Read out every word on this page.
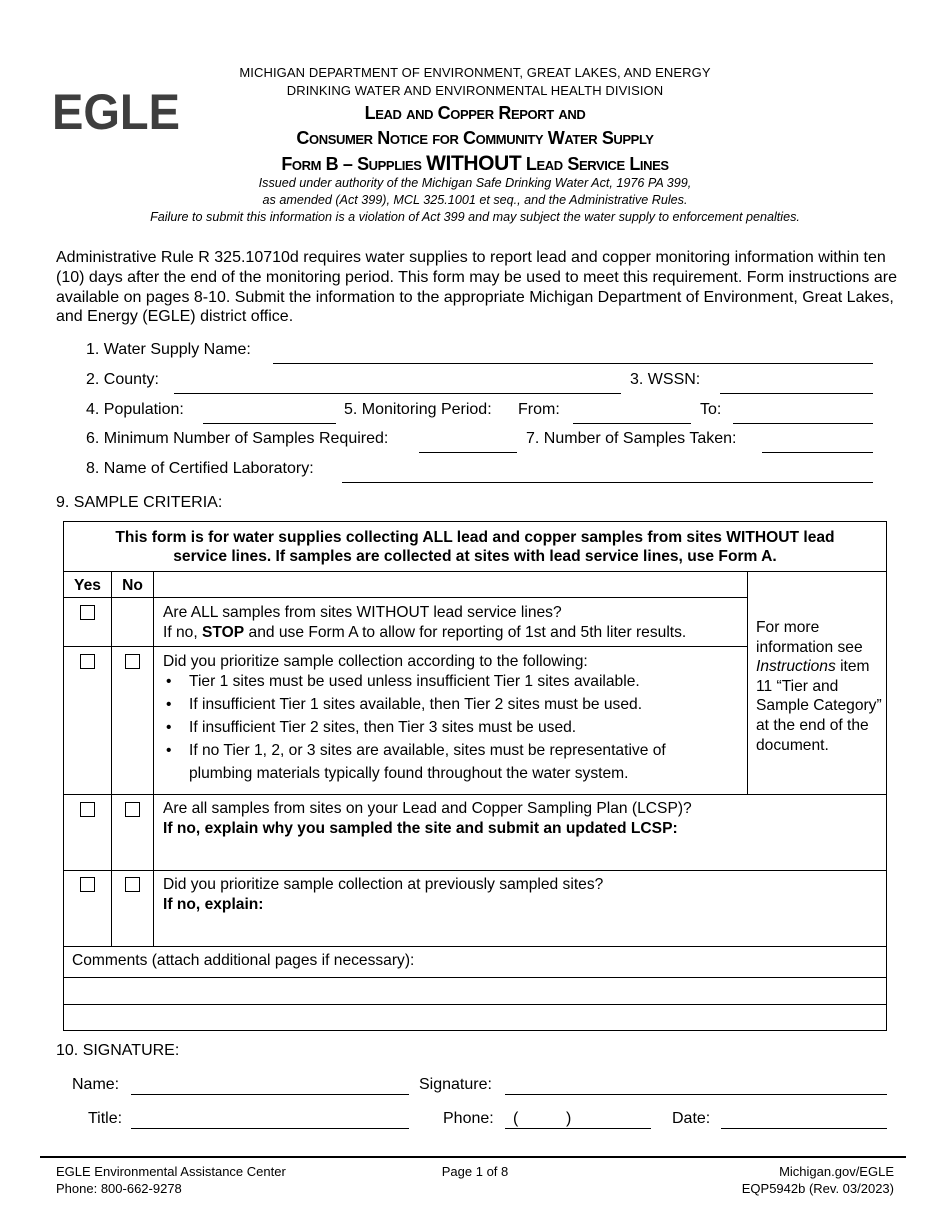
EGLE
MICHIGAN DEPARTMENT OF ENVIRONMENT, GREAT LAKES, AND ENERGY
DRINKING WATER AND ENVIRONMENTAL HEALTH DIVISION
Lead and Copper Report and
Consumer Notice for Community Water Supply
Form B – Supplies WITHOUT Lead Service Lines
Issued under authority of the Michigan Safe Drinking Water Act, 1976 PA 399,
as amended (Act 399), MCL 325.1001 et seq., and the Administrative Rules.
Failure to submit this information is a violation of Act 399 and may subject the water supply to enforcement penalties.
Administrative Rule R 325.10710d requires water supplies to report lead and copper monitoring information within ten (10) days after the end of the monitoring period. This form may be used to meet this requirement. Form instructions are available on pages 8-10. Submit the information to the appropriate Michigan Department of Environment, Great Lakes, and Energy (EGLE) district office.
1. Water Supply Name:
2. County:	3. WSSN:
4. Population:	5. Monitoring Period: From:	To:
6. Minimum Number of Samples Required:	7. Number of Samples Taken:
8. Name of Certified Laboratory:
9. SAMPLE CRITERIA:
This form is for water supplies collecting ALL lead and copper samples from sites WITHOUT lead
service lines. If samples are collected at sites with lead service lines, use Form A.
Yes	No
Are ALL samples from sites WITHOUT lead service lines?
If no, STOP and use Form A to allow for reporting of 1st and 5th liter results.	For more information see Instructions item 11 “Tier and Sample Category” at the end of the document.
Did you prioritize sample collection according to the following:
• Tier 1 sites must be used unless insufficient Tier 1 sites available.
• If insufficient Tier 1 sites available, then Tier 2 sites must be used.
• If insufficient Tier 2 sites, then Tier 3 sites must be used.
• If no Tier 1, 2, or 3 sites are available, sites must be representative of plumbing materials typically found throughout the water system.
Are all samples from sites on your Lead and Copper Sampling Plan (LCSP)?
If no, explain why you sampled the site and submit an updated LCSP:
Did you prioritize sample collection at previously sampled sites?
If no, explain:
Comments (attach additional pages if necessary):
10. SIGNATURE:
Name:	Signature:
Title:	Phone: (	)	Date:
EGLE Environmental Assistance Center
Phone: 800-662-9278
Page 1 of 8	Michigan.gov/EGLE
EQP5942b (Rev. 03/2023)
